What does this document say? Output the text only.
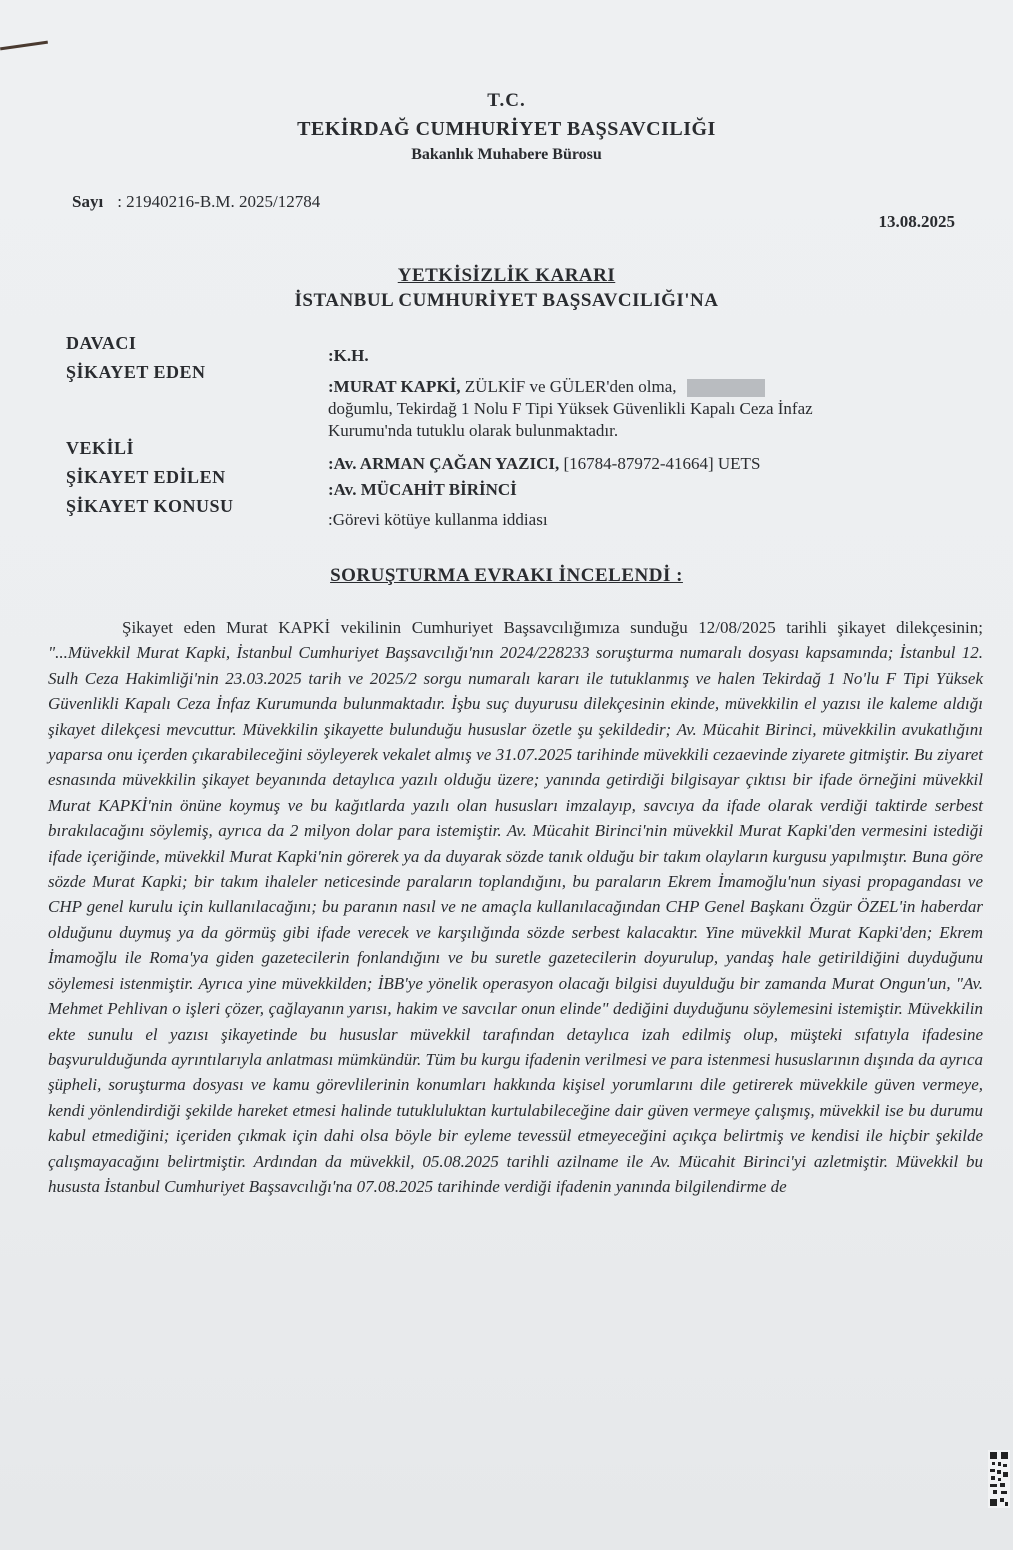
T.C.
TEKİRDAĞ CUMHURİYET BAŞSAVCILIĞI
Bakanlık Muhabere Bürosu
Sayı : 21940216-B.M. 2025/12784
13.08.2025
YETKİSİZLİK KARARI
İSTANBUL CUMHURİYET BAŞSAVCILIĞI'NA
DAVACI
:K.H.
ŞİKAYET EDEN
:MURAT KAPKİ, ZÜLKİF ve GÜLER'den olma,
doğumlu, Tekirdağ 1 Nolu F Tipi Yüksek Güvenlikli Kapalı Ceza İnfaz
Kurumu'nda tutuklu olarak bulunmaktadır.
VEKİLİ
:Av. ARMAN ÇAĞAN YAZICI, [16784-87972-41664] UETS
ŞİKAYET EDİLEN
:Av. MÜCAHİT BİRİNCİ
ŞİKAYET KONUSU
:Görevi kötüye kullanma iddiası
SORUŞTURMA EVRAKI İNCELENDİ :
Şikayet eden Murat KAPKİ vekilinin Cumhuriyet Başsavcılığımıza sunduğu 12/08/2025 tarihli şikayet dilekçesinin; "...Müvekkil Murat Kapki, İstanbul Cumhuriyet Başsavcılığı'nın 2024/228233 soruşturma numaralı dosyası kapsamında; İstanbul 12. Sulh Ceza Hakimliği'nin 23.03.2025 tarih ve 2025/2 sorgu numaralı kararı ile tutuklanmış ve halen Tekirdağ 1 No'lu F Tipi Yüksek Güvenlikli Kapalı Ceza İnfaz Kurumunda bulunmaktadır. İşbu suç duyurusu dilekçesinin ekinde, müvekkilin el yazısı ile kaleme aldığı şikayet dilekçesi mevcuttur. Müvekkilin şikayette bulunduğu hususlar özetle şu şekildedir; Av. Mücahit Birinci, müvekkilin avukatlığını yaparsa onu içerden çıkarabileceğini söyleyerek vekalet almış ve 31.07.2025 tarihinde müvekkili cezaevinde ziyarete gitmiştir. Bu ziyaret esnasında müvekkilin şikayet beyanında detaylıca yazılı olduğu üzere; yanında getirdiği bilgisayar çıktısı bir ifade örneğini müvekkil Murat KAPKİ'nin önüne koymuş ve bu kağıtlarda yazılı olan hususları imzalayıp, savcıya da ifade olarak verdiği taktirde serbest bırakılacağını söylemiş, ayrıca da 2 milyon dolar para istemiştir. Av. Mücahit Birinci'nin müvekkil Murat Kapki'den vermesini istediği ifade içeriğinde, müvekkil Murat Kapki'nin görerek ya da duyarak sözde tanık olduğu bir takım olayların kurgusu yapılmıştır. Buna göre sözde Murat Kapki; bir takım ihaleler neticesinde paraların toplandığını, bu paraların Ekrem İmamoğlu'nun siyasi propagandası ve CHP genel kurulu için kullanılacağını; bu paranın nasıl ve ne amaçla kullanılacağından CHP Genel Başkanı Özgür ÖZEL'in haberdar olduğunu duymuş ya da görmüş gibi ifade verecek ve karşılığında sözde serbest kalacaktır. Yine müvekkil Murat Kapki'den; Ekrem İmamoğlu ile Roma'ya giden gazetecilerin fonlandığını ve bu suretle gazetecilerin doyurulup, yandaş hale getirildiğini duyduğunu söylemesi istenmiştir. Ayrıca yine müvekkilden; İBB'ye yönelik operasyon olacağı bilgisi duyulduğu bir zamanda Murat Ongun'un, "Av. Mehmet Pehlivan o işleri çözer, çağlayanın yarısı, hakim ve savcılar onun elinde" dediğini duyduğunu söylemesini istemiştir. Müvekkilin ekte sunulu el yazısı şikayetinde bu hususlar müvekkil tarafından detaylıca izah edilmiş olup, müşteki sıfatıyla ifadesine başvurulduğunda ayrıntılarıyla anlatması mümkündür. Tüm bu kurgu ifadenin verilmesi ve para istenmesi hususlarının dışında da ayrıca şüpheli, soruşturma dosyası ve kamu görevlilerinin konumları hakkında kişisel yorumlarını dile getirerek müvekkile güven vermeye, kendi yönlendirdiği şekilde hareket etmesi halinde tutukluluktan kurtulabileceğine dair güven vermeye çalışmış, müvekkil ise bu durumu kabul etmediğini; içeriden çıkmak için dahi olsa böyle bir eyleme tevessül etmeyeceğini açıkça belirtmiş ve kendisi ile hiçbir şekilde çalışmayacağını belirtmiştir. Ardından da müvekkil, 05.08.2025 tarihli azilname ile Av. Mücahit Birinci'yi azletmiştir. Müvekkil bu hususta İstanbul Cumhuriyet Başsavcılığı'na 07.08.2025 tarihinde verdiği ifadenin yanında bilgilendirme de
